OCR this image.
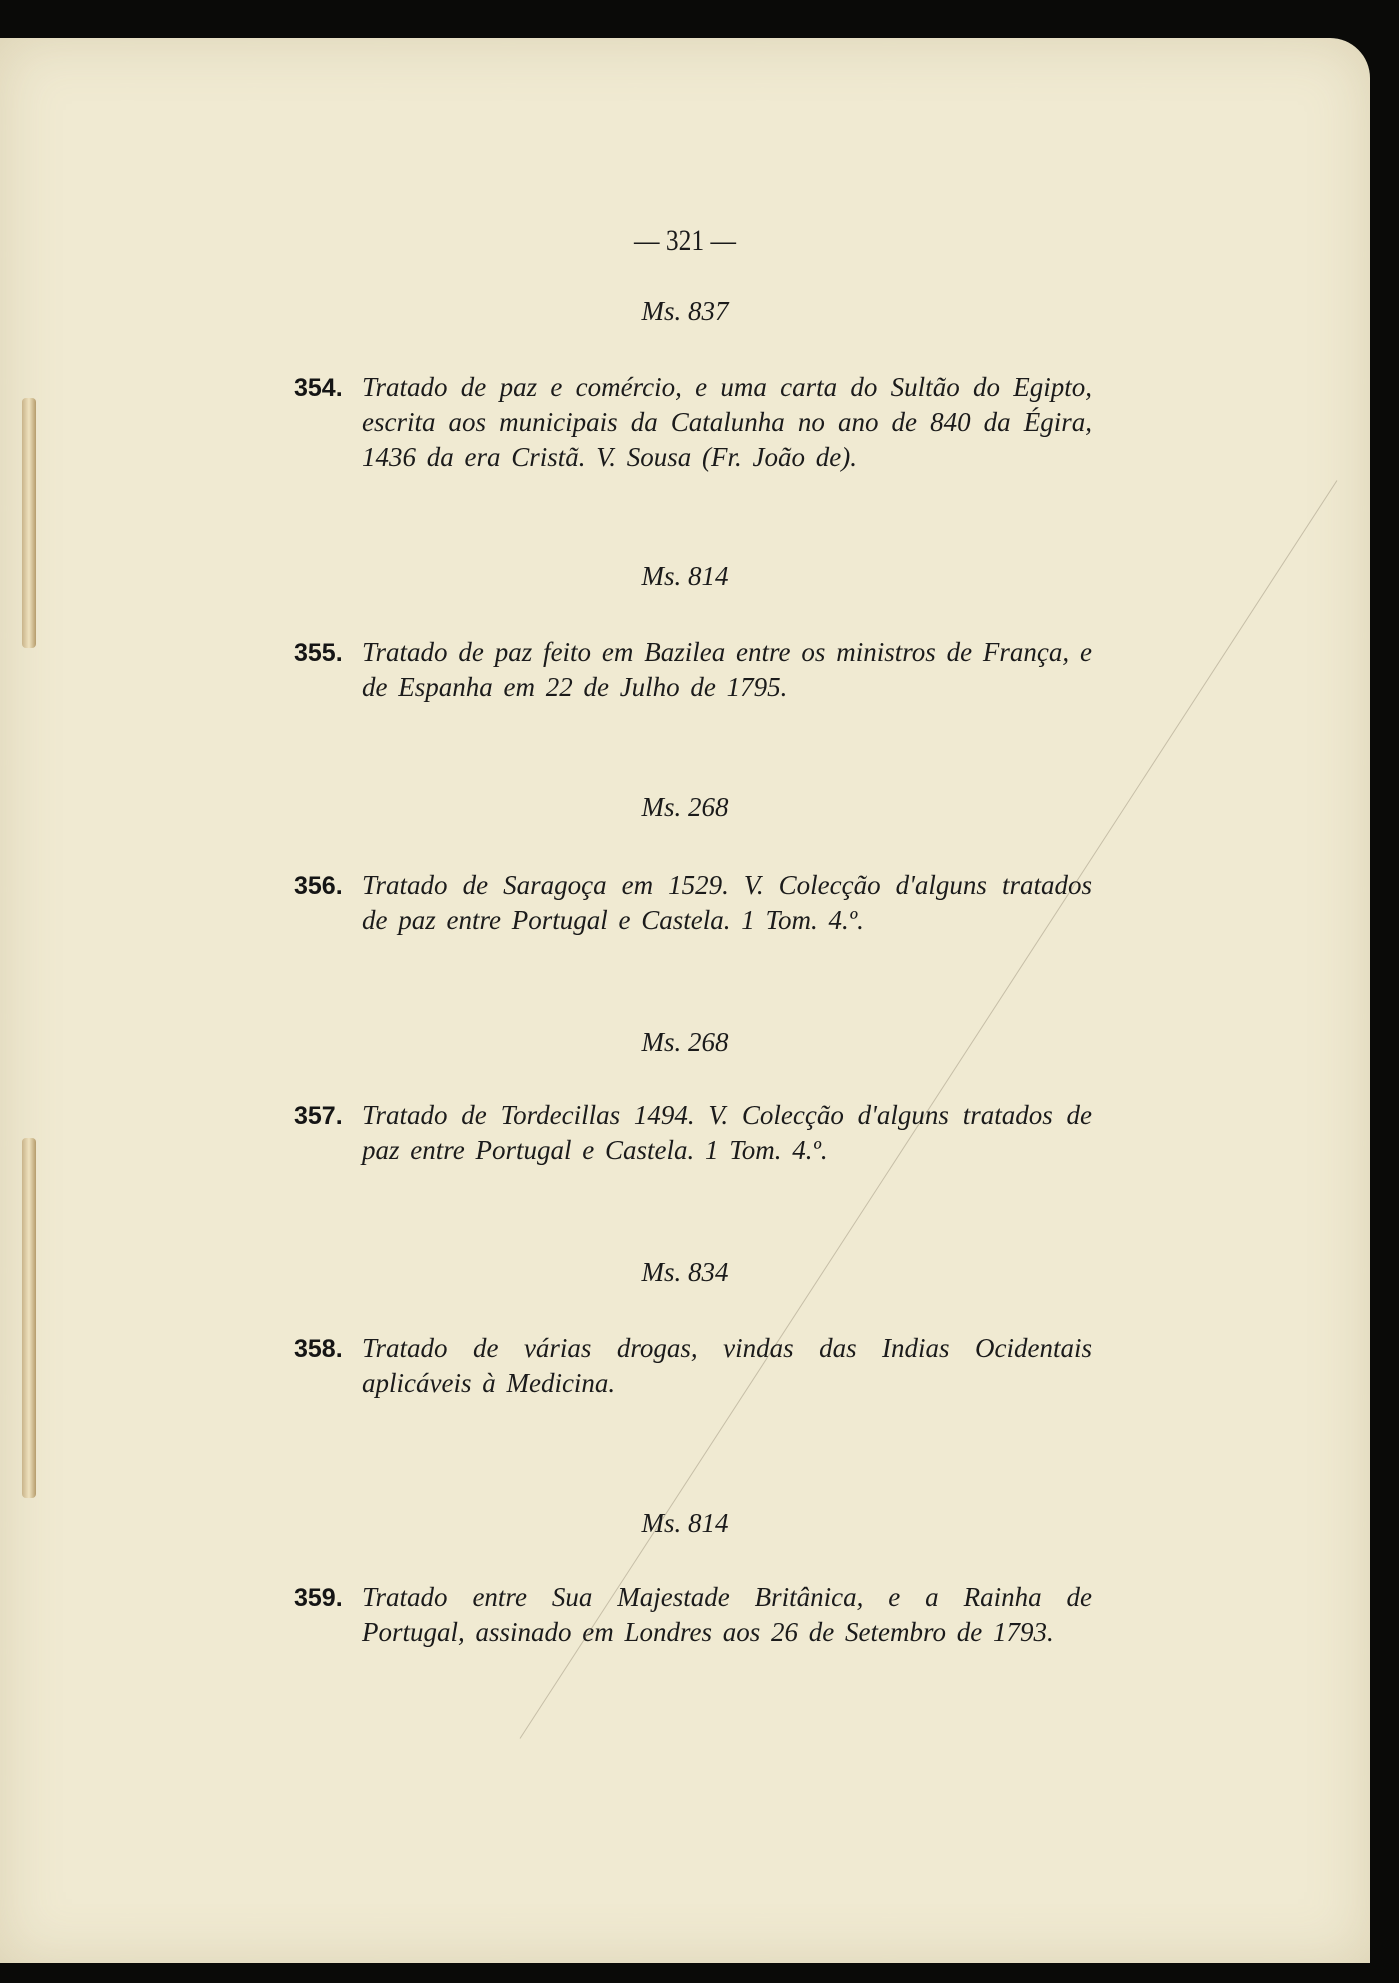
— 321 —
Ms. 837
354. Tratado de paz e comércio, e uma carta do Sultão do Egipto, escrita aos municipais da Catalunha no ano de 840 da Égira, 1436 da era Cristã. V. Sousa (Fr. João de).
Ms. 814
355. Tratado de paz feito em Bazilea entre os ministros de França, e de Espanha em 22 de Julho de 1795.
Ms. 268
356. Tratado de Saragoça em 1529. V. Colecção d'alguns tratados de paz entre Portugal e Castela. 1 Tom. 4.º.
Ms. 268
357. Tratado de Tordecillas 1494. V. Colecção d'alguns tratados de paz entre Portugal e Castela. 1 Tom. 4.º.
Ms. 834
358. Tratado de várias drogas, vindas das Indias Ocidentais aplicáveis à Medicina.
Ms. 814
359. Tratado entre Sua Majestade Britânica, e a Rainha de Portugal, assinado em Londres aos 26 de Setembro de 1793.
